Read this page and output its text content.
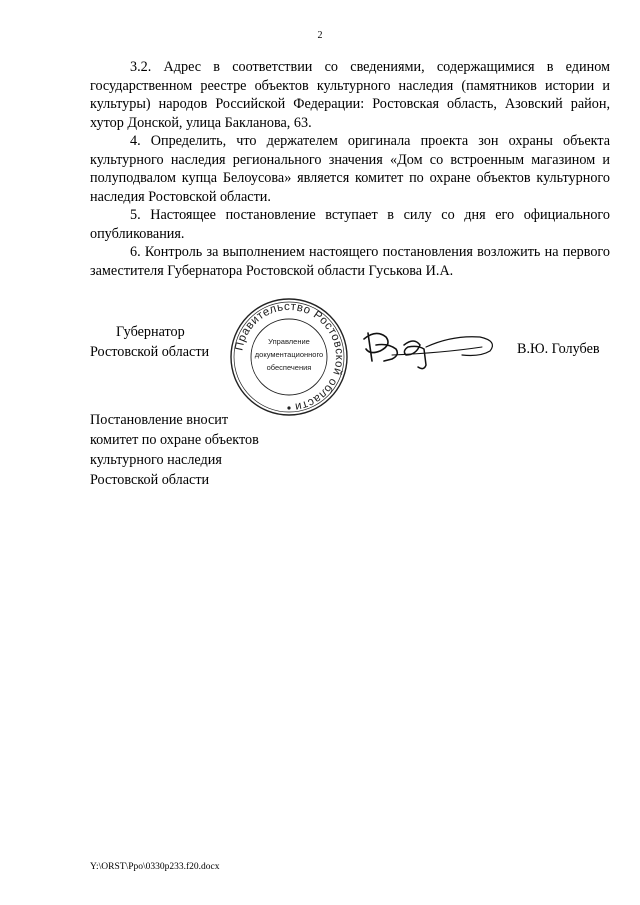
2

3.2. Адрес в соответствии со сведениями, содержащимися в едином государственном реестре объектов культурного наследия (памятников истории и культуры) народов Российской Федерации: Ростовская область, Азовский район, хутор Донской, улица Бакланова, 63.

4. Определить, что держателем оригинала проекта зон охраны объекта культурного наследия регионального значения «Дом со встроенным магазином и полуподвалом купца Белоусова» является комитет по охране объектов культурного наследия Ростовской области.

5. Настоящее постановление вступает в силу со дня его официального опубликования.

6. Контроль за выполнением настоящего постановления возложить на первого заместителя Губернатора Ростовской области Гуськова И.А.

Губернатор
Ростовской области Правительство Ростовской области
Управление
документационного
обеспечения
В.Ю. Голубев
Постановление вносит
комитет по охране объектов
культурного наследия
Ростовской области
Y:\ORST\Ppo\0330p233.f20.docx
